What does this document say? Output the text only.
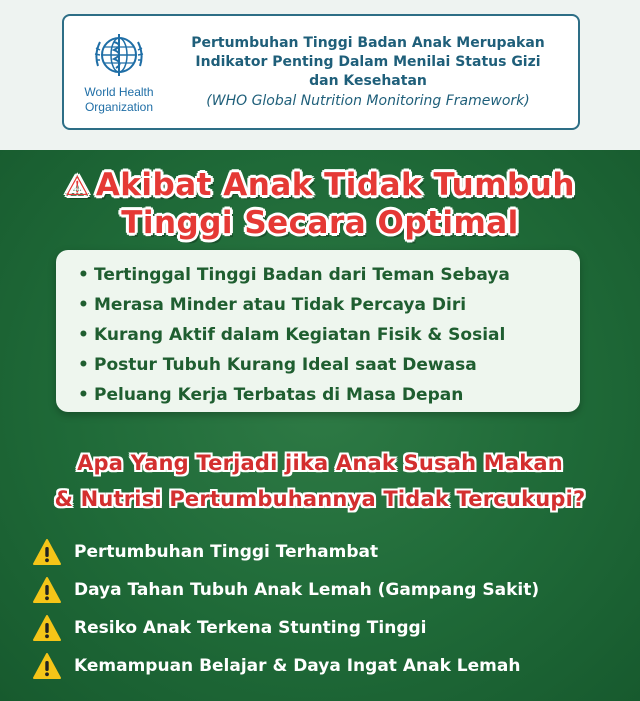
World Health
Organization
Pertumbuhan Tinggi Badan Anak Merupakan
Indikator Penting Dalam Menilai Status Gizi
dan Kesehatan
(WHO Global Nutrition Monitoring Framework)
⚠ Akibat Anak Tidak Tumbuh
Tinggi Secara Optimal
• Tertinggal Tinggi Badan dari Teman Sebaya
• Merasa Minder atau Tidak Percaya Diri
• Kurang Aktif dalam Kegiatan Fisik & Sosial
• Postur Tubuh Kurang Ideal saat Dewasa
• Peluang Kerja Terbatas di Masa Depan
Apa Yang Terjadi jika Anak Susah Makan
& Nutrisi Pertumbuhannya Tidak Tercukupi?
Pertumbuhan Tinggi Terhambat
Daya Tahan Tubuh Anak Lemah (Gampang Sakit)
Resiko Anak Terkena Stunting Tinggi
Kemampuan Belajar & Daya Ingat Anak Lemah
